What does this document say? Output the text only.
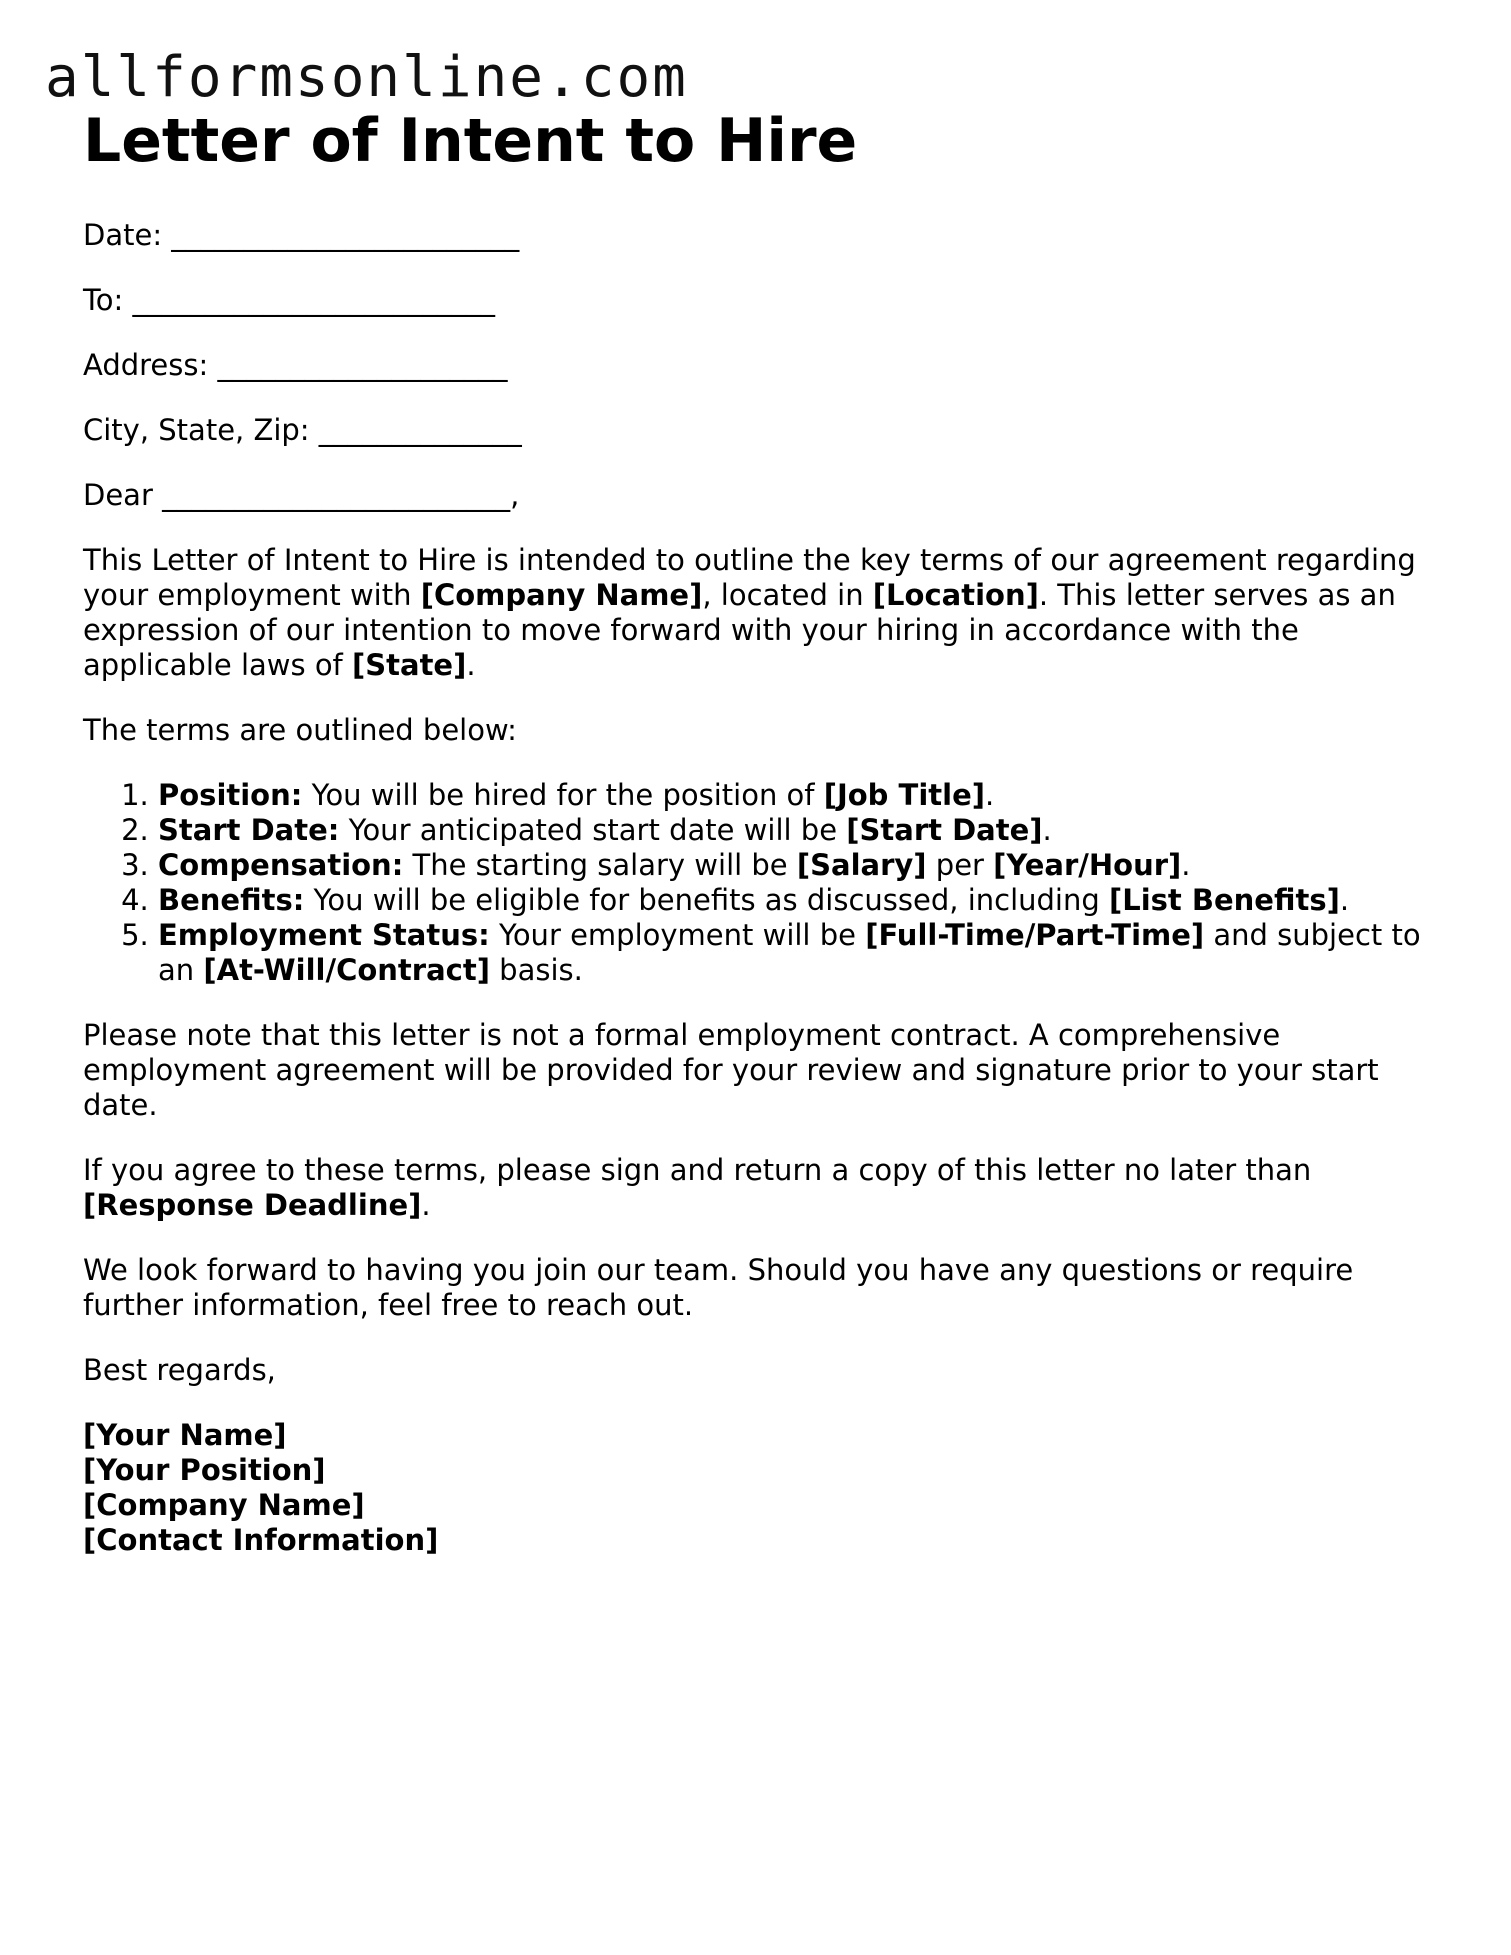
allformsonline.com
Letter of Intent to Hire

Date: ________________________

To: _________________________

Address: ____________________

City, State, Zip: ______________

Dear ________________________,

This Letter of Intent to Hire is intended to outline the key terms of our agreement regarding your employment with [Company Name], located in [Location]. This letter serves as an expression of our intention to move forward with your hiring in accordance with the applicable laws of [State].

The terms are outlined below:

1. Position: You will be hired for the position of [Job Title].
2. Start Date: Your anticipated start date will be [Start Date].
3. Compensation: The starting salary will be [Salary] per [Year/Hour].
4. Benefits: You will be eligible for benefits as discussed, including [List Benefits].
5. Employment Status: Your employment will be [Full-Time/Part-Time] and subject to an [At-Will/Contract] basis.

Please note that this letter is not a formal employment contract. A comprehensive employment agreement will be provided for your review and signature prior to your start date.

If you agree to these terms, please sign and return a copy of this letter no later than [Response Deadline].

We look forward to having you join our team. Should you have any questions or require further information, feel free to reach out.

Best regards,

[Your Name]
[Your Position]
[Company Name]
[Contact Information]
